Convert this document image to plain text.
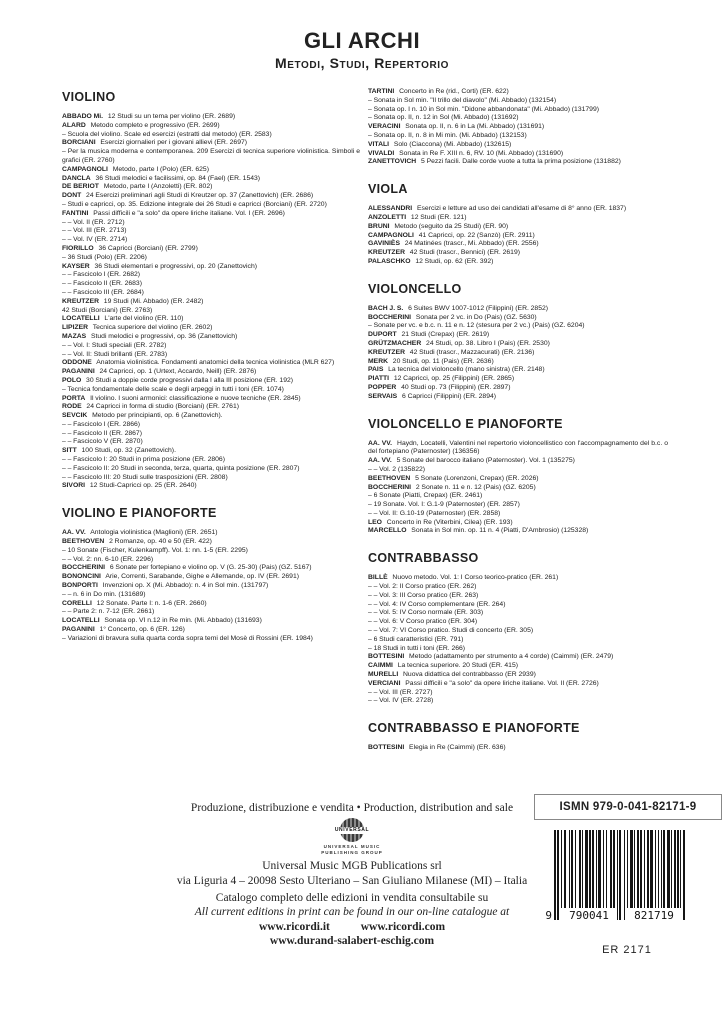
GLI ARCHI
Metodi, Studi, Repertorio
VIOLINO
ABBADO Mi. 12 Studi su un tema per violino (ER. 2689)
ALARD Metodo completo e progressivo (ER. 2699)
– Scuola del violino. Scale ed esercizi (estratti dal metodo) (ER. 2583)
BORCIANI Esercizi giornalieri per i giovani allievi (ER. 2697)
– Per la musica moderna e contemporanea. 209 Esercizi di tecnica superiore violinistica. Simboli e grafici (ER. 2760)
CAMPAGNOLI Metodo, parte I (Polo) (ER. 625)
DANCLA 36 Studi melodici e facilissimi, op. 84 (Fael) (ER. 1543)
DE BERIOT Metodo, parte I (Anzoletti) (ER. 802)
DONT 24 Esercizi preliminari agli Studi di Kreutzer op. 37 (Zanettovich) (ER. 2686)
– Studi e capricci, op. 35. Edizione integrale dei 26 Studi e capricci (Borciani) (ER. 2720)
FANTINI Passi difficili e "a solo" da opere liriche italiane. Vol. I (ER. 2696)
– – Vol. II (ER. 2712)
– – Vol. III (ER. 2713)
– – Vol. IV (ER. 2714)
FIORILLO 36 Capricci (Borciani) (ER. 2799)
– 36 Studi (Polo) (ER. 2206)
KAYSER 36 Studi elementari e progressivi, op. 20 (Zanettovich)
– – Fascicolo I (ER. 2682)
– – Fascicolo II (ER. 2683)
– – Fascicolo III (ER. 2684)
KREUTZER 19 Studi (Mi. Abbado) (ER. 2482)
42 Studi (Borciani) (ER. 2763)
LOCATELLI L'arte del violino (ER. 110)
LIPIZER Tecnica superiore del violino (ER. 2602)
MAZAS Studi melodici e progressivi, op. 36 (Zanettovich)
– – Vol. I: Studi speciali (ER. 2782)
– – Vol. II: Studi brillanti (ER. 2783)
ODDONE Anatomia violinistica. Fondamenti anatomici della tecnica violinistica (MLR 627)
PAGANINI 24 Capricci, op. 1 (Urtext, Accardo, Neill) (ER. 2876)
POLO 30 Studi a doppie corde progressivi dalla I alla III posizione (ER. 192)
– Tecnica fondamentale delle scale e degli arpeggi in tutti i toni (ER. 1074)
PORTA Il violino. I suoni armonici: classificazione e nuove tecniche (ER. 2845)
RODE 24 Capricci in forma di studio (Borciani) (ER. 2761)
SEVCIK Metodo per principianti, op. 6 (Zanettovich).
– – Fascicolo I (ER. 2866)
– – Fascicolo II (ER. 2867)
– – Fascicolo V (ER. 2870)
SITT 100 Studi, op. 32 (Zanettovich).
– – Fascicolo I: 20 Studi in prima posizione (ER. 2806)
– – Fascicolo II: 20 Studi in seconda, terza, quarta, quinta posizione (ER. 2807)
– – Fascicolo III: 20 Studi sulle trasposizioni (ER. 2808)
SIVORI 12 Studi-Capricci op. 25 (ER. 2640)
VIOLINO E PIANOFORTE
AA. VV. Antologia violinistica (Maglioni) (ER. 2651)
BEETHOVEN 2 Romanze, op. 40 e 50 (ER. 422)
– 10 Sonate (Fischer, Kulenkampff). Vol. 1: nn. 1-5 (ER. 2295)
– – Vol. 2: nn. 6-10 (ER. 2296)
BOCCHERINI 6 Sonate per fortepiano e violino op. V (G. 25-30) (Pais) (GZ. 5167)
BONONCINI Arie, Correnti, Sarabande, Gighe e Allemande, op. IV (ER. 2691)
BONPORTI Invenzioni op. X (Mi. Abbado): n. 4 in Sol min. (131797)
– – n. 6 in Do min. (131689)
CORELLI 12 Sonate. Parte I: n. 1-6 (ER. 2660)
– – Parte 2: n. 7-12 (ER. 2661)
LOCATELLI Sonata op. VI n.12 in Re min. (Mi. Abbado) (131693)
PAGANINI 1° Concerto, op. 6 (ER. 126)
– Variazioni di bravura sulla quarta corda sopra temi del Mosè di Rossini (ER. 1984)
TARTINI Concerto in Re (rid., Corti) (ER. 622)
– Sonata in Sol min. "Il trillo del diavolo" (Mi. Abbado) (132154)
– Sonata op. I n. 10 in Sol min. "Didone abbandonata" (Mi. Abbado) (131799)
– Sonata op. II, n. 12 in Sol (Mi. Abbado) (131692)
VERACINI Sonata op. II, n. 6 in La (Mi. Abbado) (131691)
– Sonata op. II, n. 8 in Mi min. (Mi. Abbado) (132153)
VITALI Solo (Ciaccona) (Mi. Abbado) (132615)
VIVALDI Sonata in Re F. XIII n. 6, RV. 10 (Mi. Abbado) (131690)
ZANETTOVICH 5 Pezzi facili. Dalle corde vuote a tutta la prima posizione (131882)
VIOLA
ALESSANDRI Esercizi e letture ad uso dei candidati all'esame di 8° anno (ER. 1837)
ANZOLETTI 12 Studi (ER. 121)
BRUNI Metodo (seguito da 25 Studi) (ER. 90)
CAMPAGNOLI 41 Capricci, op. 22 (Sanzò) (ER. 2911)
GAVINIÈS 24 Matinées (trascr., Mi. Abbado) (ER. 2556)
KREUTZER 42 Studi (trascr., Bennici) (ER. 2619)
PALASCHKO 12 Studi, op. 62 (ER. 392)
VIOLONCELLO
BACH J. S. 6 Suites BWV 1007-1012 (Filippini) (ER. 2852)
BOCCHERINI Sonata per 2 vc. in Do (Pais) (GZ. 5630)
– Sonate per vc. e b.c. n. 11 e n. 12 (stesura per 2 vc.) (Pais) (GZ. 6204)
DUPORT 21 Studi (Crepax) (ER. 2619)
GRÜTZMACHER 24 Studi, op. 38. Libro I (Pais) (ER. 2530)
KREUTZER 42 Studi (trascr., Mazzacurati) (ER. 2136)
MERK 20 Studi, op. 11 (Pais) (ER. 2636)
PAIS La tecnica del violoncello (mano sinistra) (ER. 2148)
PIATTI 12 Capricci, op. 25 (Filippini) (ER. 2865)
POPPER 40 Studi op. 73 (Filippini) (ER. 2897)
SERVAIS 6 Capricci (Filippini) (ER. 2894)
VIOLONCELLO E PIANOFORTE
AA. VV. Haydn, Locatelli, Valentini nel repertorio violoncellistico con l'accompagnamento del b.c. o del fortepiano (Paternoster) (136356)
AA. VV. 5 Sonate del barocco italiano (Paternoster). Vol. 1 (135275)
– – Vol. 2 (135822)
BEETHOVEN 5 Sonate (Lorenzoni, Crepax) (ER. 2026)
BOCCHERINI 2 Sonate n. 11 e n. 12 (Pais) (GZ. 6205)
– 6 Sonate (Piatti, Crepax) (ER. 2461)
– 19 Sonate. Vol. I: G.1-9 (Paternoster) (ER. 2857)
– – Vol. II: G.10-19 (Paternoster) (ER. 2858)
LEO Concerto in Re (Viterbini, Cilea) (ER. 193)
MARCELLO Sonata in Sol min. op. 11 n. 4 (Piatti, D'Ambrosio) (125328)
CONTRABBASSO
BILLÈ Nuovo metodo. Vol. 1: I Corso teorico-pratico (ER. 261)
– – Vol. 2: II Corso pratico (ER. 262)
– – Vol. 3: III Corso pratico (ER. 263)
– – Vol. 4: IV Corso complementare (ER. 264)
– – Vol. 5: IV Corso normale (ER. 303)
– – Vol. 6: V Corso pratico (ER. 304)
– – Vol. 7: VI Corso pratico. Studi di concerto (ER. 305)
– 6 Studi caratteristici (ER. 791)
– 18 Studi in tutti i toni (ER. 266)
BOTTESINI Metodo (adattamento per strumento a 4 corde) (Caimmi) (ER. 2479)
CAIMMI La tecnica superiore. 20 Studi (ER. 415)
MURELLI Nuova didattica del contrabbasso (ER 2939)
VERCIANI Passi difficili e "a solo" da opere liriche italiane. Vol. II (ER. 2726)
– – Vol. III (ER. 2727)
– – Vol. IV (ER. 2728)
CONTRABBASSO E PIANOFORTE
BOTTESINI Elegia in Re (Caimmi) (ER. 636)
Produzione, distribuzione e vendita • Production, distribution and sale
UNIVERSAL
UNIVERSAL MUSIC
PUBLISHING GROUP
Universal Music MGB Publications srl
via Liguria 4 – 20098 Sesto Ulteriano – San Giuliano Milanese (MI) – Italia
Catalogo completo delle edizioni in vendita consultabile su
All current editions in print can be found in our on-line catalogue at
www.ricordi.it	www.ricordi.com
www.durand-salabert-eschig.com
ISMN 979-0-041-82171-9
9	790041	821719
ER 2171
